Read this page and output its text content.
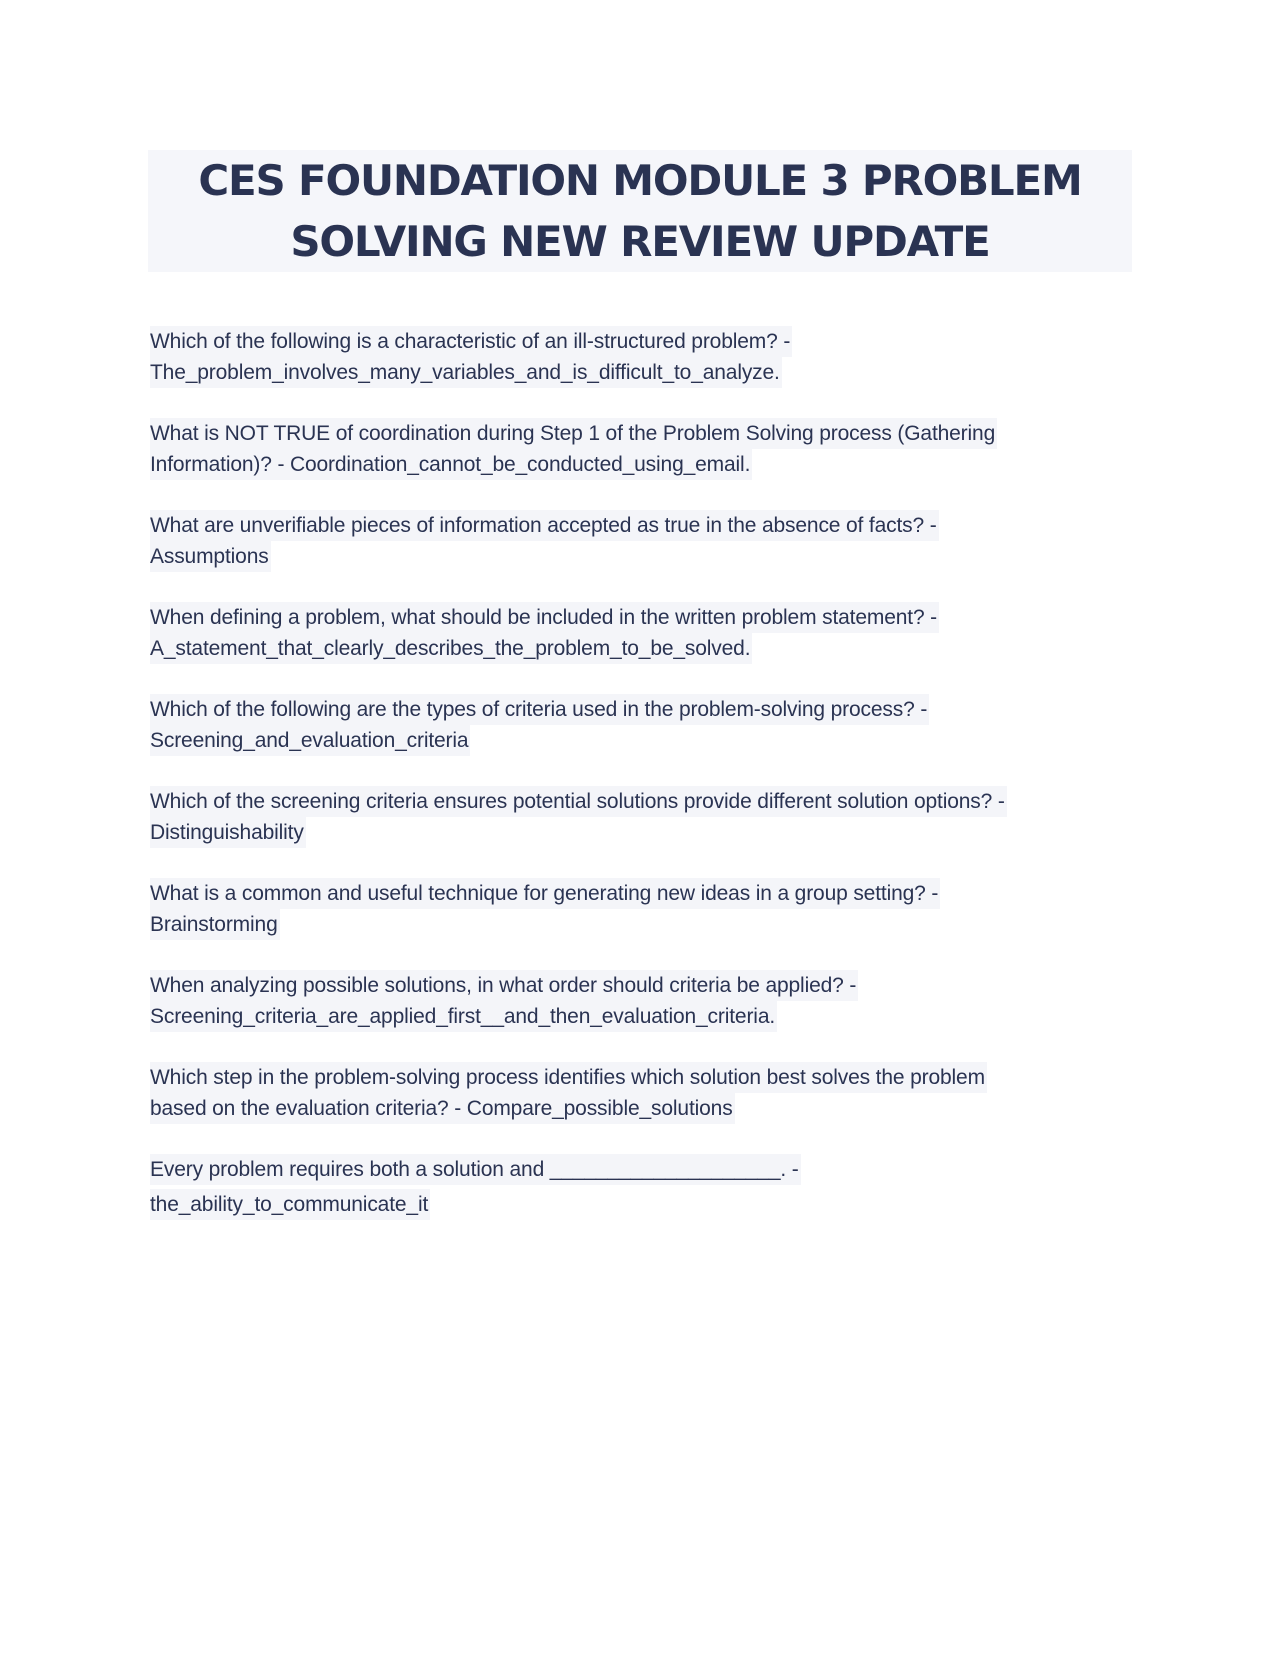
CES FOUNDATION MODULE 3 PROBLEM
SOLVING NEW REVIEW UPDATE
Which of the following is a characteristic of an ill-structured problem? -
The_problem_involves_many_variables_and_is_difficult_to_analyze.
What is NOT TRUE of coordination during Step 1 of the Problem Solving process (Gathering
Information)? - Coordination_cannot_be_conducted_using_email.
What are unverifiable pieces of information accepted as true in the absence of facts? -
Assumptions
When defining a problem, what should be included in the written problem statement? -
A_statement_that_clearly_describes_the_problem_to_be_solved.
Which of the following are the types of criteria used in the problem-solving process? -
Screening_and_evaluation_criteria
Which of the screening criteria ensures potential solutions provide different solution options? -
Distinguishability
What is a common and useful technique for generating new ideas in a group setting? -
Brainstorming
When analyzing possible solutions, in what order should criteria be applied? -
Screening_criteria_are_applied_first__and_then_evaluation_criteria.
Which step in the problem-solving process identifies which solution best solves the problem
based on the evaluation criteria? - Compare_possible_solutions
Every problem requires both a solution and ____________________. -
the_ability_to_communicate_it
